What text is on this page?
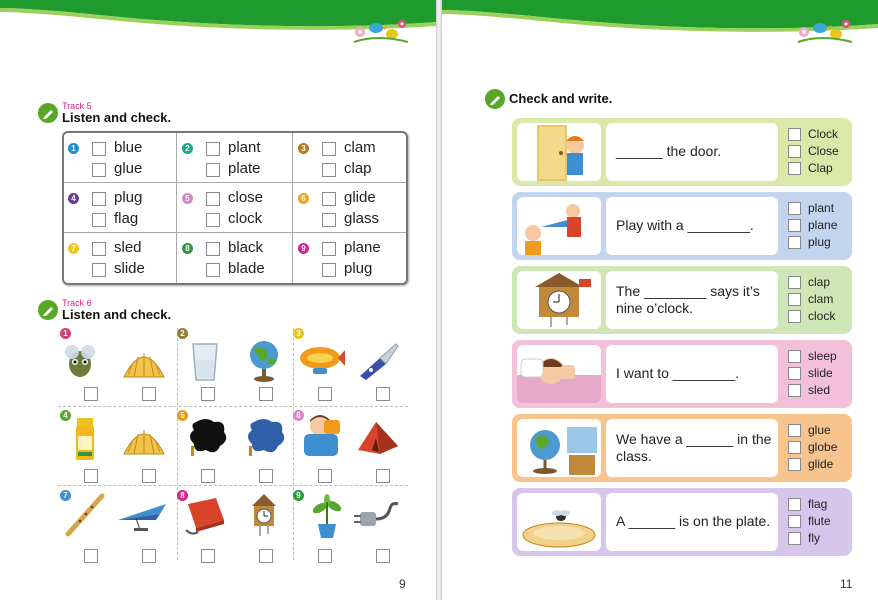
Track 5
Listen and check.
1	blue
glue
2	plant
plate
3	clam
clap
4	plug
flag
5	close
clock
6	glide
glass
7	sled
slide
8	black
blade
9	plane
plug
Track 6
Listen and check.
1	2	3
4	5	6
7	8	9
9
Check and write.
11
______ the door.
Clock
Close
Clap
Play with a ________.
plant
plane
plug
The ________ says it’s
nine o’clock.
clap
clam
clock
I want to ________.
sleep
slide
sled
We have a ______ in the
class.
glue
globe
glide
A ______ is on the plate.
flag
flute
fly
